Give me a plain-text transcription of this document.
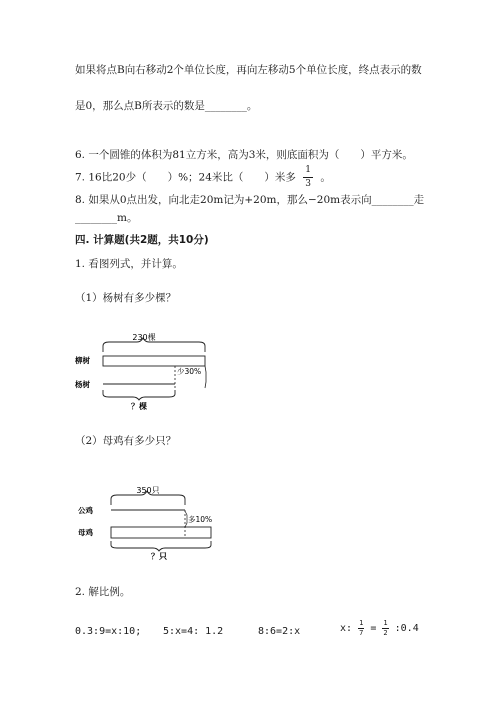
如果将点B向右移动2个单位长度，再向左移动5个单位长度，终点表示的数
是0，那么点B所表示的数是________。
6. 一个圆锥的体积为81立方米，高为3米，则底面积为（　　）平方米。
7. 16比20少（　　）%；24米比（　　）米多 $\frac{1}{3}$ 。
8. 如果从0点出发，向北走20m记为+20m，那么−20m表示向________走
________m。
四. 计算题(共2题，共10分)
1. 看图列式，并计算。
（1）杨树有多少棵？
230棵
柳树
杨树
少30%
？棵
（2）母鸡有多少只？
350只
公鸡
多10%
母鸡
？只
2. 解比例。
0.3:9=x:10; 5:x=4: 1.2	8:6=2:x	x: $\frac{1}{7} = \frac{1}{2}$ :0.4
